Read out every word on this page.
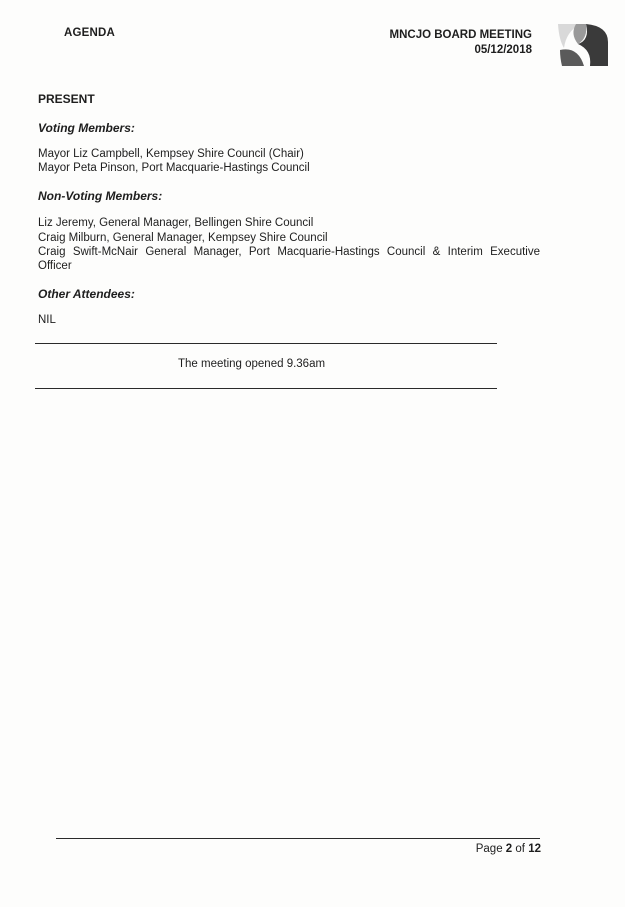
AGENDA	MNCJO BOARD MEETING
05/12/2018
PRESENT
Voting Members:
Mayor Liz Campbell, Kempsey Shire Council (Chair)
Mayor Peta Pinson, Port Macquarie-Hastings Council
Non-Voting Members:
Liz Jeremy, General Manager, Bellingen Shire Council
Craig Milburn, General Manager, Kempsey Shire Council
Craig Swift-McNair General Manager, Port Macquarie-Hastings Council & Interim Executive
Officer
Other Attendees:
NIL
The meeting opened 9.36am
Page 2 of 12
